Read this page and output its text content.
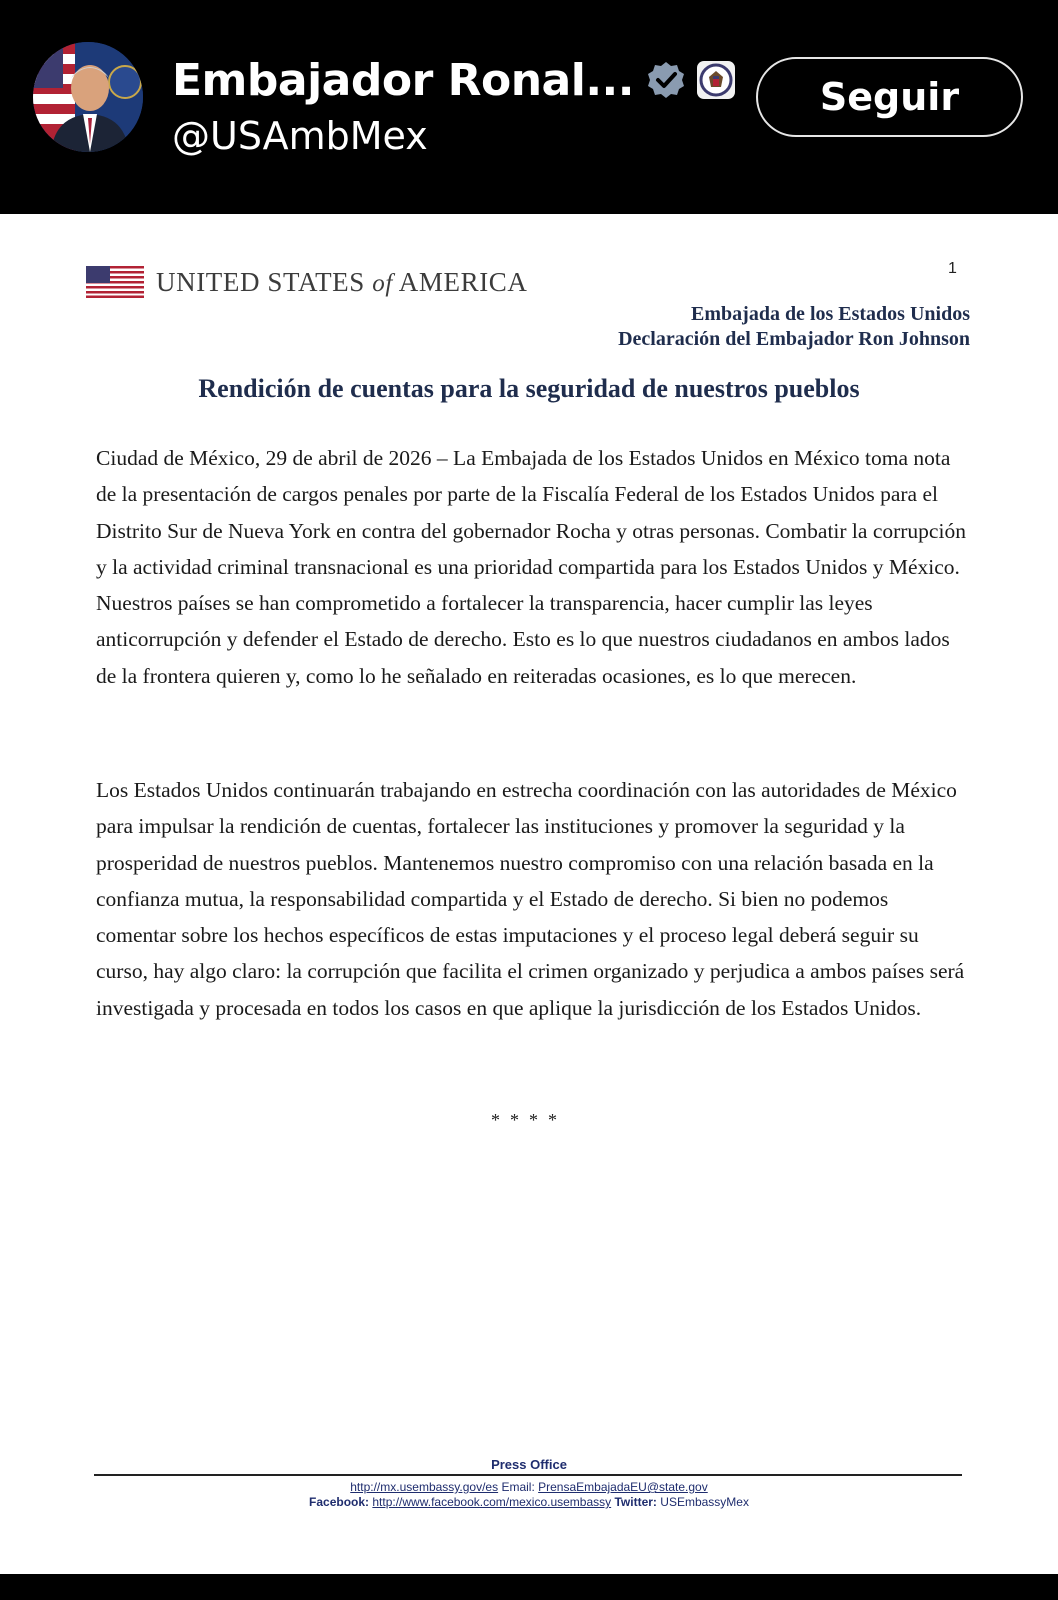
Embajador Ronal...
@USAmbMex
Seguir
1
UNITED STATES of AMERICA
Embajada de los Estados Unidos
Declaración del Embajador Ron Johnson
Rendición de cuentas para la seguridad de nuestros pueblos

Ciudad de México, 29 de abril de 2026 – La Embajada de los Estados Unidos en México toma nota de la presentación de cargos penales por parte de la Fiscalía Federal de los Estados Unidos para el Distrito Sur de Nueva York en contra del gobernador Rocha y otras personas. Combatir la corrupción y la actividad criminal transnacional es una prioridad compartida para los Estados Unidos y México. Nuestros países se han comprometido a fortalecer la transparencia, hacer cumplir las leyes anticorrupción y defender el Estado de derecho. Esto es lo que nuestros ciudadanos en ambos lados de la frontera quieren y, como lo he señalado en reiteradas ocasiones, es lo que merecen.

Los Estados Unidos continuarán trabajando en estrecha coordinación con las autoridades de México para impulsar la rendición de cuentas, fortalecer las instituciones y promover la seguridad y la prosperidad de nuestros pueblos. Mantenemos nuestro compromiso con una relación basada en la confianza mutua, la responsabilidad compartida y el Estado de derecho. Si bien no podemos comentar sobre los hechos específicos de estas imputaciones y el proceso legal deberá seguir su curso, hay algo claro: la corrupción que facilita el crimen organizado y perjudica a ambos países será investigada y procesada en todos los casos en que aplique la jurisdicción de los Estados Unidos.

****
Press Office
http://mx.usembassy.gov/es Email: PrensaEmbajadaEU@state.gov
Facebook: http://www.facebook.com/mexico.usembassy Twitter: USEmbassyMex
